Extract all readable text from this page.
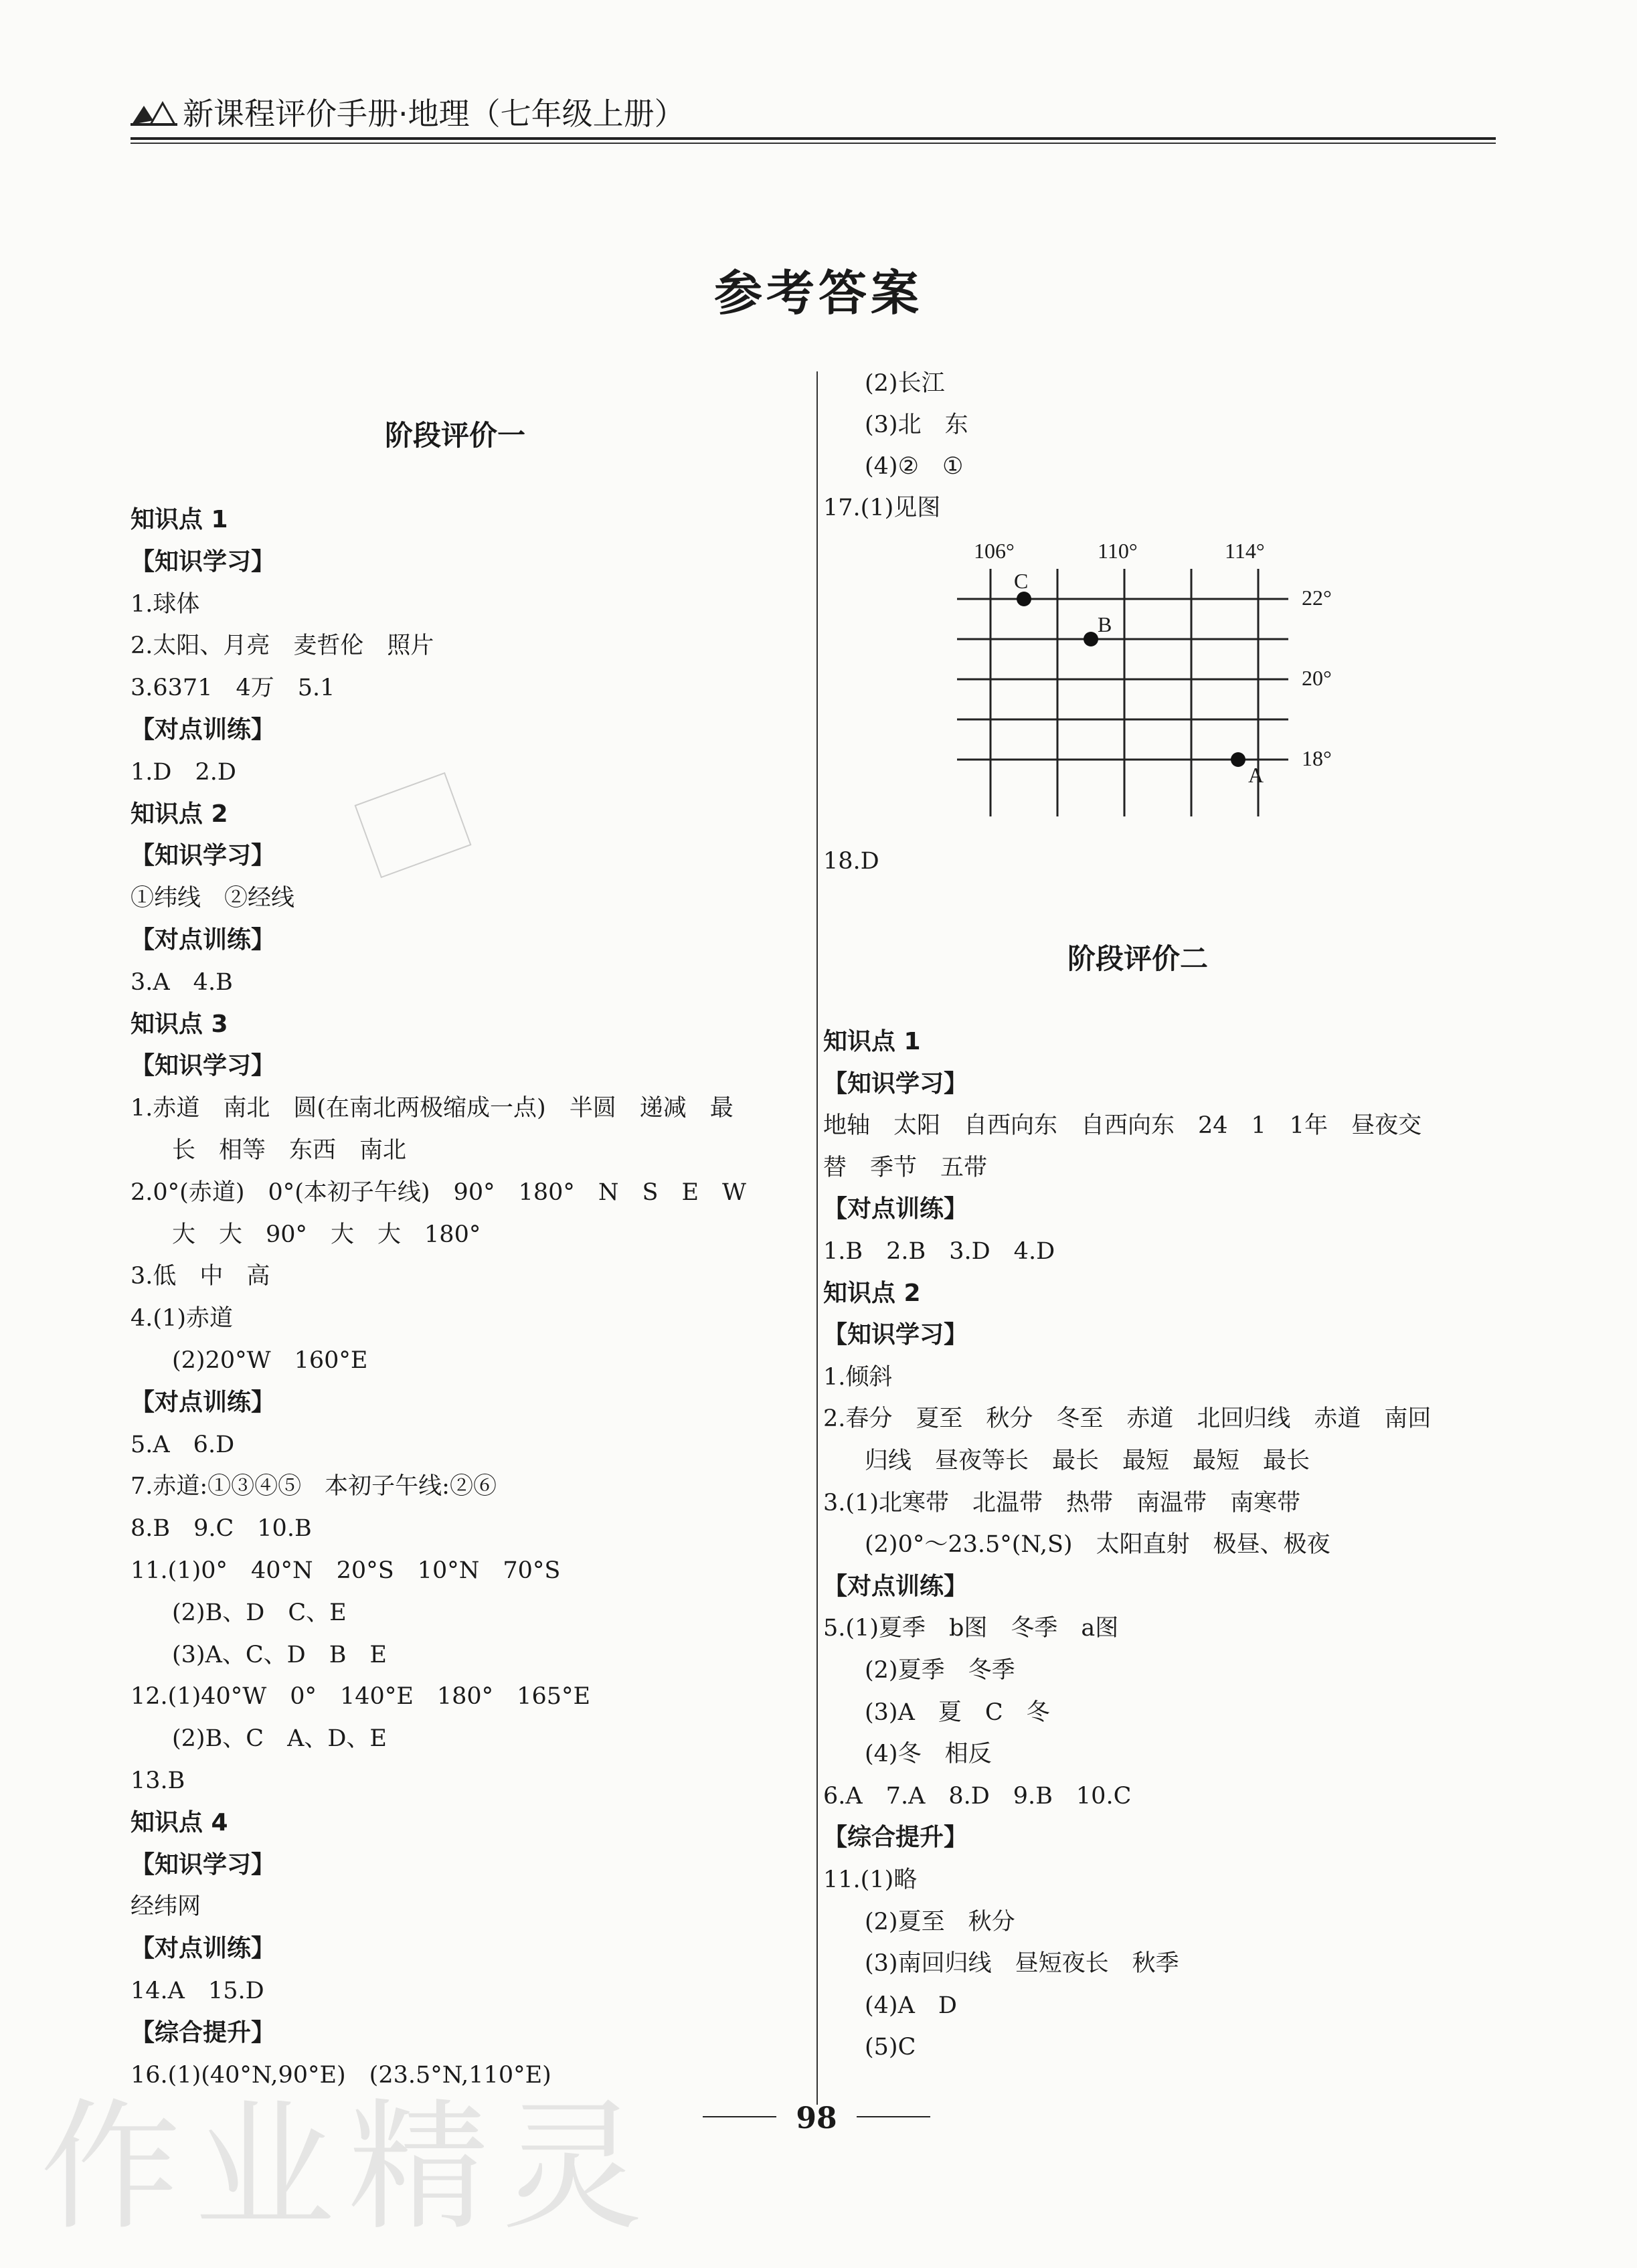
新课程评价手册·地理（七年级上册）
参考答案
阶段评价一
知识点 1
【知识学习】
1.球体
2.太阳、月亮　麦哲伦　照片
3.6371　4万　5.1
【对点训练】
1.D　2.D
知识点 2
【知识学习】
①纬线　②经线
【对点训练】
3.A　4.B
知识点 3
【知识学习】
1.赤道　南北　圆(在南北两极缩成一点)　半圆　递减　最
长　相等　东西　南北
2.0°(赤道)　0°(本初子午线)　90°　180°　N　S　E　W
大　大　90°　大　大　180°
3.低　中　高
4.(1)赤道
(2)20°W　160°E
【对点训练】
5.A　6.D
7.赤道:①③④⑤　本初子午线:②⑥
8.B　9.C　10.B
11.(1)0°　40°N　20°S　10°N　70°S
(2)B、D　C、E
(3)A、C、D　B　E
12.(1)40°W　0°　140°E　180°　165°E
(2)B、C　A、D、E
13.B
知识点 4
【知识学习】
经纬网
【对点训练】
14.A　15.D
【综合提升】
16.(1)(40°N,90°E)　(23.5°N,110°E)
阶段评价二
(2)长江
(3)北　东
(4)②　①
17.(1)见图
18.D
知识点 1
【知识学习】
地轴　太阳　自西向东　自西向东　24　1　1年　昼夜交
替　季节　五带
【对点训练】
1.B　2.B　3.D　4.D
知识点 2
【知识学习】
1.倾斜
2.春分　夏至　秋分　冬至　赤道　北回归线　赤道　南回
归线　昼夜等长　最长　最短　最短　最长
3.(1)北寒带　北温带　热带　南温带　南寒带
(2)0°～23.5°(N,S)　太阳直射　极昼、极夜
【对点训练】
5.(1)夏季　b图　冬季　a图
(2)夏季　冬季
(3)A　夏　C　冬
(4)冬　相反
6.A　7.A　8.D　9.B　10.C
【综合提升】
11.(1)略
(2)夏至　秋分
(3)南回归线　昼短夜长　秋季
(4)A　D
(5)C
106°	110°	114°
22°
20°
18°
C
B
A
98
作业精灵
